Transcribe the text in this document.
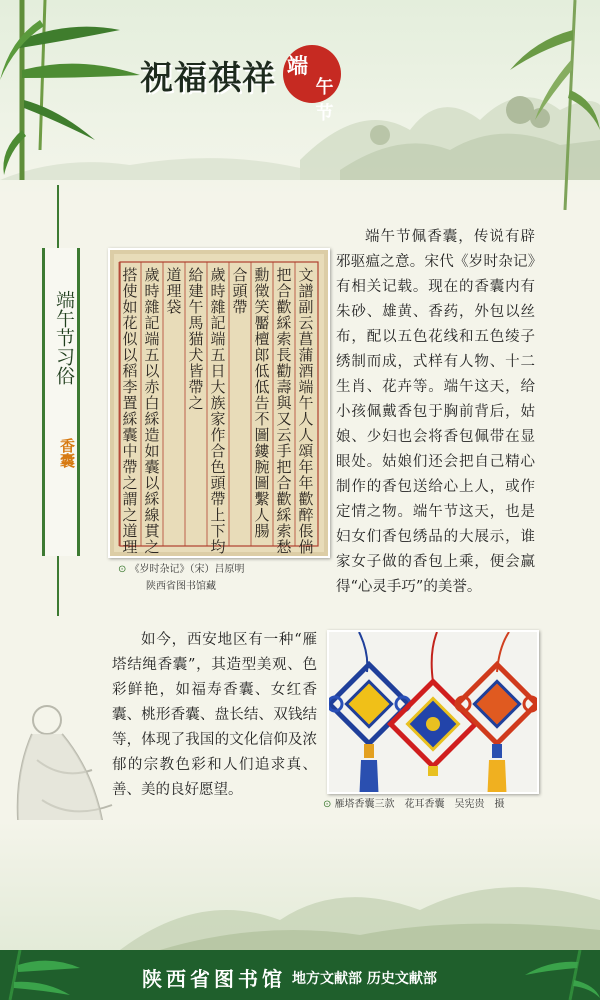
祝福祺祥 端
午节
端午节习俗
香囊
文譜副云菖蒲酒端午人人頌年年歡醉倀倘
把合歡綵索長勸壽與又云手把合歡綵索愁
勳徵笑靨檀郎低低告不圖鏤腕圖繫人腸
合頭帶
歲時雜記端五日大族家作合色頭帶上下均
給建午馬猫犬皆帶之
道理袋
歲時雜記端五以赤白綵造如囊以綵線貫之
搭使如花似以稻李置綵囊中帶之謂之道理
⊙ 《岁时杂记》（宋）吕原明
陕西省图书馆藏

端午节佩香囊，传说有辟邪驱瘟之意。宋代《岁时杂记》有相关记载。现在的香囊内有朱砂、雄黄、香药，外包以丝布，配以五色花线和五色绫子绣制而成，式样有人物、十二生肖、花卉等。端午这天，给小孩佩戴香包于胸前背后，姑娘、少妇也会将香包佩带在显眼处。姑娘们还会把自己精心制作的香包送给心上人，或作定情之物。端午节这天，也是妇女们香包绣品的大展示，谁家女子做的香包上乘，便会赢得“心灵手巧”的美誉。

如今，西安地区有一种“雁塔结绳香囊”，其造型美观、色彩鲜艳，如福寿香囊、女红香囊、桃形香囊、盘长结、双钱结等，体现了我国的文化信仰及浓郁的宗教色彩和人们追求真、善、美的良好愿望。

⊙ 雁塔香囊三款　花耳香囊　吴宪贵　摄
陕西省图书馆 地方文献部 历史文献部
